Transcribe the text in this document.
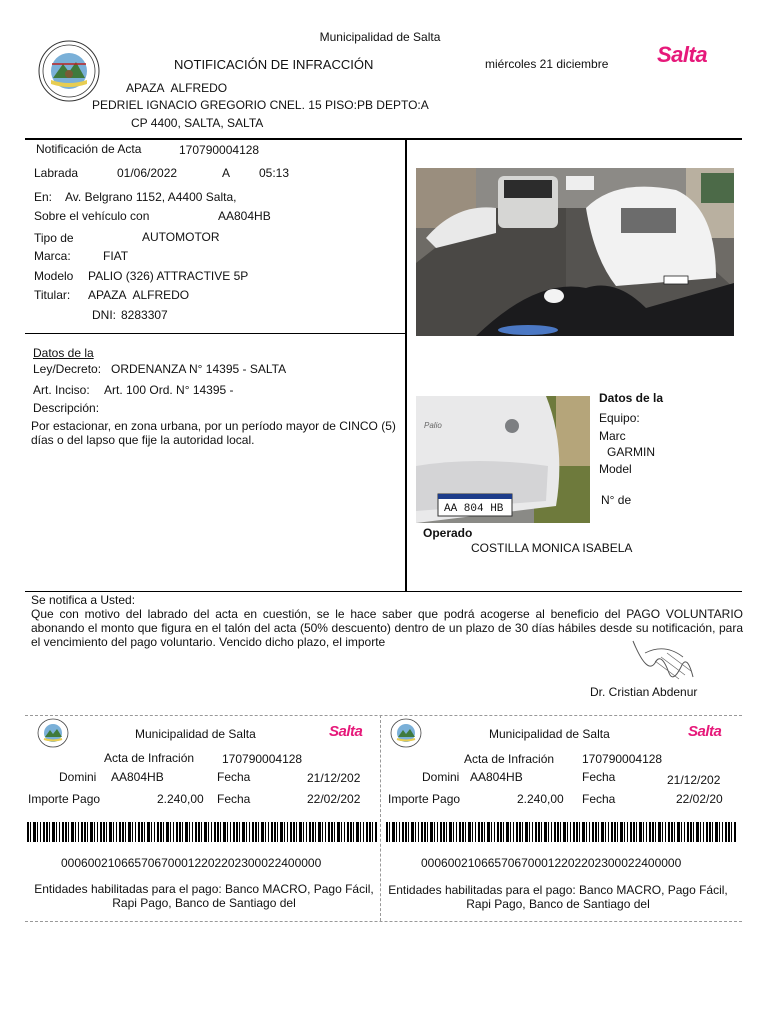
Municipalidad de Salta
NOTIFICACIÓN DE INFRACCIÓN	miércoles 21 diciembre Salta
APAZA ALFREDO
PEDRIEL IGNACIO GREGORIO CNEL. 15 PISO:PB DEPTO:A
CP 4400, SALTA, SALTA
Notificación de Acta	170790004128
Labrada	01/06/2022	A 05:13
En: Av. Belgrano 1152, A4400 Salta,
Sobre el vehículo con	AA804HB
Tipo de	AUTOMOTOR
Marca:	FIAT
Modelo PALIO (326) ATTRACTIVE 5P
Titular: APAZA ALFREDO
DNI: 8283307
Datos de la
Ley/Decreto: ORDENANZA N° 14395 - SALTA
Art. Inciso: Art. 100 Ord. N° 14395 -
Descripción:
Por estacionar, en zona urbana, por un período mayor de CINCO (5) días o del lapso que fije la autoridad local.
Palio
AA 804 HB
Datos de la
Equipo:
Marc
GARMIN
Model
N° de
Operado
COSTILLA MONICA ISABELA
Se notifica a Usted:
Que con motivo del labrado del acta en cuestión, se le hace saber que podrá acogerse al beneficio del PAGO VOLUNTARIO abonando el monto que figura en el talón del acta (50% descuento) dentro de un plazo de 30 días hábiles desde su notificación, para el vencimiento del pago voluntario. Vencido dicho plazo, el importe
Dr. Cristian Abdenur
Municipalidad de Salta	Salta
Acta de Infración 170790004128
Domini AA804HB	Fecha	21/12/202
Importe Pago	2.240,00 Fecha	22/02/202
000600210665706700012202202300022400000
Entidades habilitadas para el pago: Banco MACRO, Pago Fácil, Rapi Pago, Banco de Santiago del
Municipalidad de Salta	Salta
Acta de Infración 170790004128
Domini AA804HB	Fecha	21/12/202
Importe Pago	2.240,00 Fecha	22/02/20
000600210665706700012202202300022400000
Entidades habilitadas para el pago: Banco MACRO, Pago Fácil, Rapi Pago, Banco de Santiago del
